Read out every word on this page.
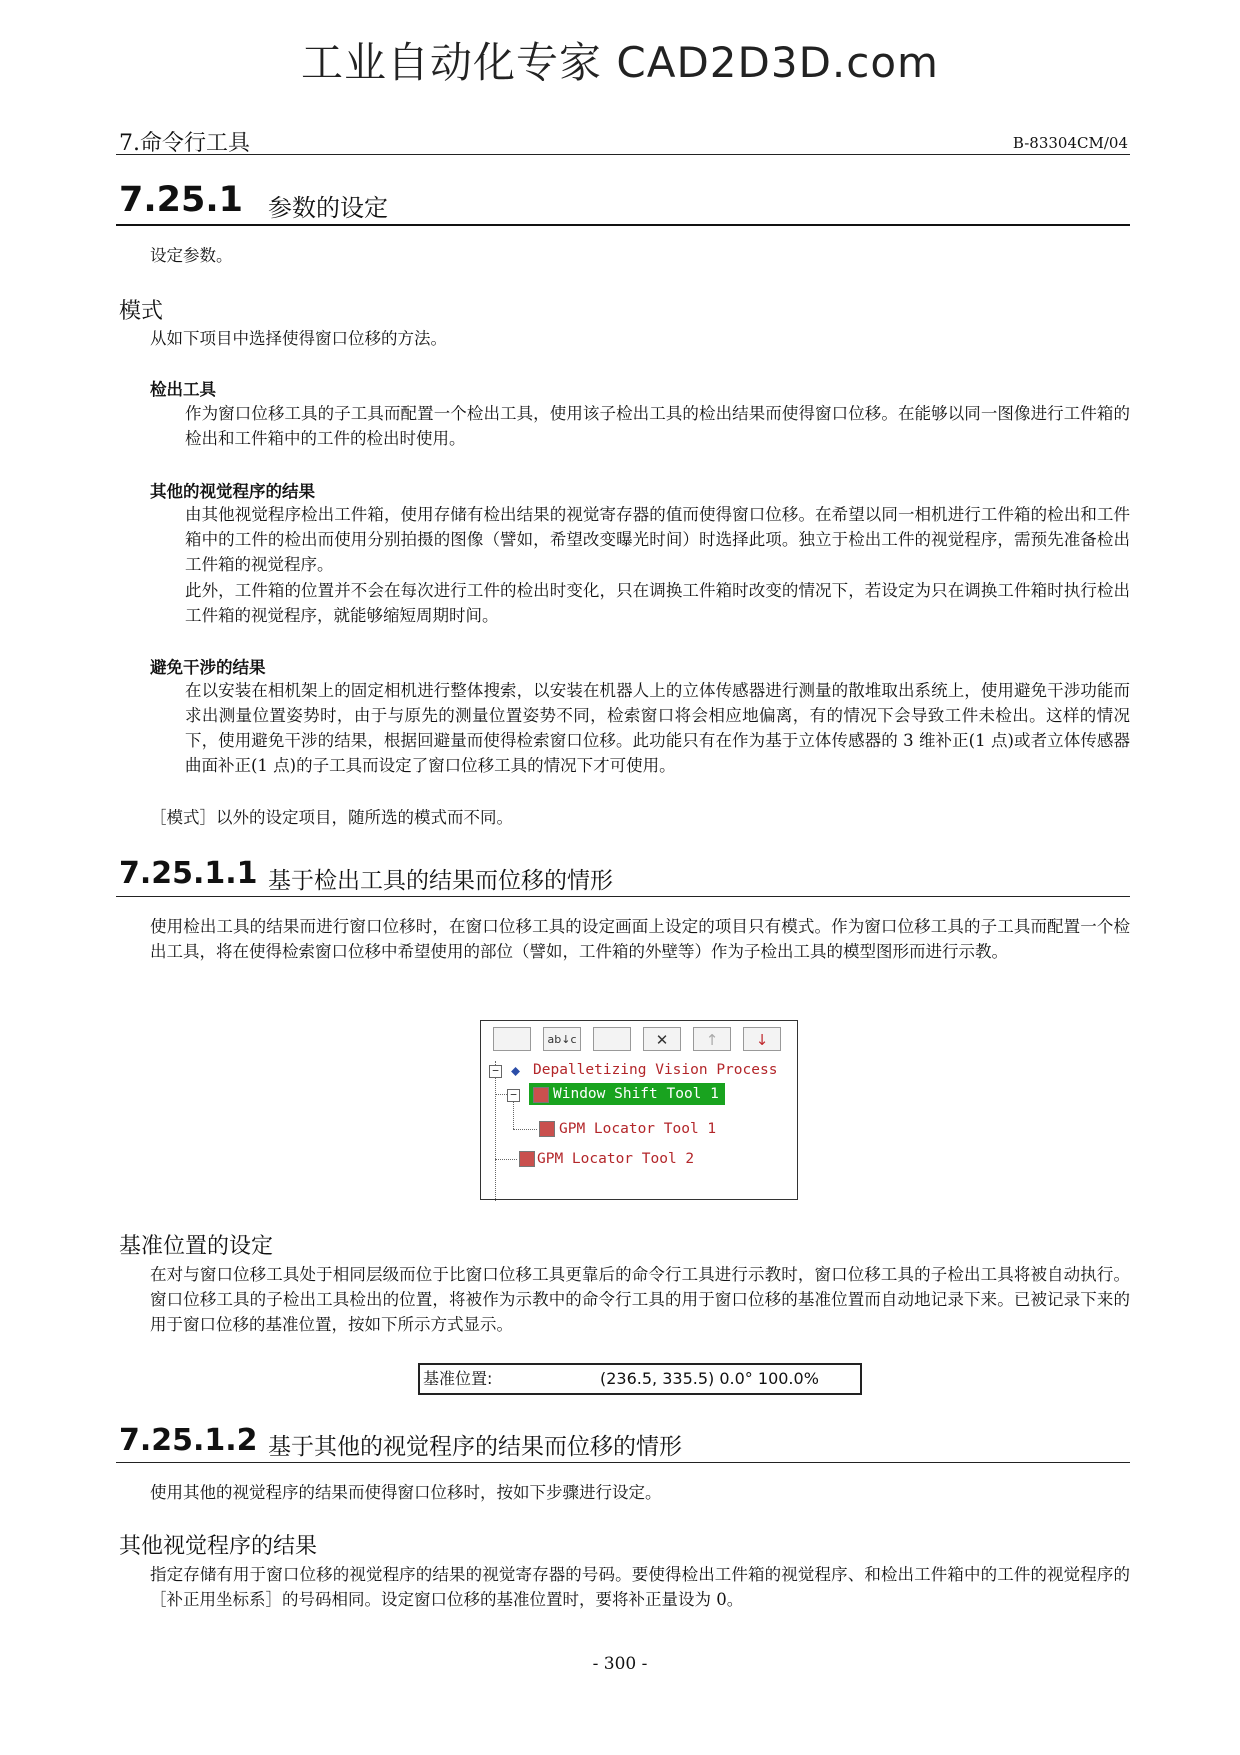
工业自动化专家 CAD2D3D.com
7.命令行工具	B-83304CM/04
7.25.1 参数的设定
设定参数。
模式
从如下项目中选择使得窗口位移的方法。
检出工具
作为窗口位移工具的子工具而配置一个检出工具，使用该子检出工具的检出结果而使得窗口位移。在能够以同一图像进行工件箱的检出和工件箱中的工件的检出时使用。
其他的视觉程序的结果
由其他视觉程序检出工件箱，使用存储有检出结果的视觉寄存器的值而使得窗口位移。在希望以同一相机进行工件箱的检出和工件箱中的工件的检出而使用分别拍摄的图像（譬如，希望改变曝光时间）时选择此项。独立于检出工件的视觉程序，需预先准备检出工件箱的视觉程序。
此外，工件箱的位置并不会在每次进行工件的检出时变化，只在调换工件箱时改变的情况下，若设定为只在调换工件箱时执行检出工件箱的视觉程序，就能够缩短周期时间。
避免干涉的结果
在以安装在相机架上的固定相机进行整体搜索，以安装在机器人上的立体传感器进行测量的散堆取出系统上，使用避免干涉功能而求出测量位置姿势时，由于与原先的测量位置姿势不同，检索窗口将会相应地偏离，有的情况下会导致工件未检出。这样的情况下，使用避免干涉的结果，根据回避量而使得检索窗口位移。此功能只有在作为基于立体传感器的 3 维补正(1 点)或者立体传感器曲面补正(1 点)的子工具而设定了窗口位移工具的情况下才可使用。
［模式］以外的设定项目，随所选的模式而不同。
7.25.1.1 基于检出工具的结果而位移的情形
使用检出工具的结果而进行窗口位移时，在窗口位移工具的设定画面上设定的项目只有模式。作为窗口位移工具的子工具而配置一个检出工具，将在使得检索窗口位移中希望使用的部位（譬如，工件箱的外壁等）作为子检出工具的模型图形而进行示教。
ab↓c	✕	↑	↓
− ⬥ Depalletizing Vision Process
−	Window Shift Tool 1
GPM Locator Tool 1
GPM Locator Tool 2
基准位置的设定
在对与窗口位移工具处于相同层级而位于比窗口位移工具更靠后的命令行工具进行示教时，窗口位移工具的子检出工具将被自动执行。窗口位移工具的子检出工具检出的位置，将被作为示教中的命令行工具的用于窗口位移的基准位置而自动地记录下来。已被记录下来的用于窗口位移的基准位置，按如下所示方式显示。
基准位置:	(236.5, 335.5) 0.0° 100.0%
7.25.1.2 基于其他的视觉程序的结果而位移的情形
使用其他的视觉程序的结果而使得窗口位移时，按如下步骤进行设定。
其他视觉程序的结果
指定存储有用于窗口位移的视觉程序的结果的视觉寄存器的号码。要使得检出工件箱的视觉程序、和检出工件箱中的工件的视觉程序的［补正用坐标系］的号码相同。设定窗口位移的基准位置时，要将补正量设为 0。
- 300 -
